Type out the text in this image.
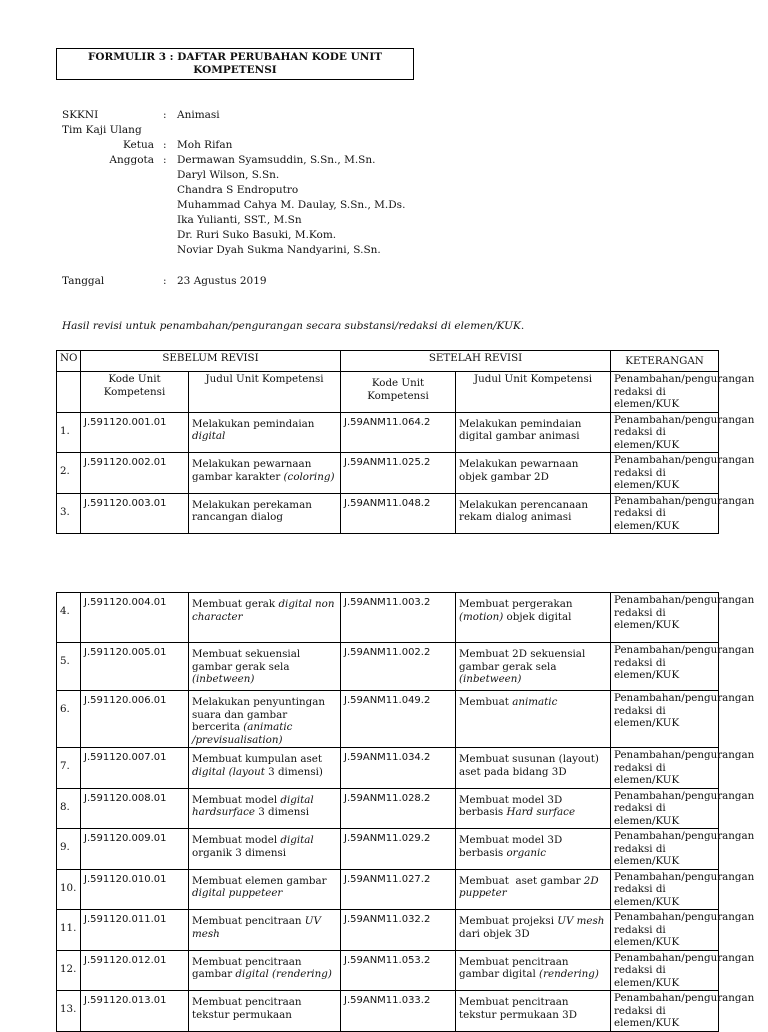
FORMULIR 3 : DAFTAR PERUBAHAN KODE UNIT
KOMPETENSI
SKKNI	: Animasi
Tim Kaji Ulang
Ketua : Moh Rifan
Anggota : Dermawan Syamsuddin, S.Sn., M.Sn.
Daryl Wilson, S.Sn.
Chandra S Endroputro
Muhammad Cahya M. Daulay, S.Sn., M.Ds.
Ika Yulianti, SST., M.Sn
Dr. Ruri Suko Basuki, M.Kom.
Noviar Dyah Sukma Nandyarini, S.Sn.
Tanggal	: 23 Agustus 2019
Hasil revisi untuk penambahan/pengurangan secara substansi/redaksi di elemen/KUK.
NO	SEBELUM REVISI		SETELAH REVISI		KETERANGAN
	Kode Unit Kompetensi	Judul Unit Kompetensi	Kode Unit Kompetensi	Judul Unit Kompetensi	Penambahan/pengurangan redaksi di elemen/KUK
1.	J.591120.001.01	Melakukan pemindaian digital	J.59ANM11.064.2	Melakukan pemindaian digital gambar animasi	Penambahan/pengurangan redaksi di elemen/KUK
2.	J.591120.002.01	Melakukan pewarnaan gambar karakter (coloring)	J.59ANM11.025.2	Melakukan pewarnaan objek gambar 2D	Penambahan/pengurangan redaksi di elemen/KUK
3.	J.591120.003.01	Melakukan perekaman rancangan dialog	J.59ANM11.048.2	Melakukan perencanaan rekam dialog animasi	Penambahan/pengurangan redaksi di elemen/KUK
4.	J.591120.004.01	Membuat gerak digital non character	J.59ANM11.003.2	Membuat pergerakan (motion) objek digital	Penambahan/pengurangan redaksi di elemen/KUK
5.	J.591120.005.01	Membuat sekuensial gambar gerak sela (inbetween)	J.59ANM11.002.2	Membuat 2D sekuensial gambar gerak sela (inbetween)	Penambahan/pengurangan redaksi di elemen/KUK
6.	J.591120.006.01	Melakukan penyuntingan suara dan gambar bercerita (animatic /previsualisation)	J.59ANM11.049.2	Membuat animatic	Penambahan/pengurangan redaksi di elemen/KUK
7.	J.591120.007.01	Membuat kumpulan aset digital (layout 3 dimensi)	J.59ANM11.034.2	Membuat susunan (layout) aset pada bidang 3D	Penambahan/pengurangan redaksi di elemen/KUK
8.	J.591120.008.01	Membuat model digital hardsurface 3 dimensi	J.59ANM11.028.2	Membuat model 3D berbasis Hard surface	Penambahan/pengurangan redaksi di elemen/KUK
9.	J.591120.009.01	Membuat model digital organik 3 dimensi	J.59ANM11.029.2	Membuat model 3D berbasis organic	Penambahan/pengurangan redaksi di elemen/KUK
10.	J.591120.010.01	Membuat elemen gambar digital puppeteer	J.59ANM11.027.2	Membuat  aset gambar 2D puppeter	Penambahan/pengurangan redaksi di elemen/KUK
11.	J.591120.011.01	Membuat pencitraan UV mesh	J.59ANM11.032.2	Membuat projeksi UV mesh dari objek 3D	Penambahan/pengurangan redaksi di elemen/KUK
12.	J.591120.012.01	Membuat pencitraan gambar digital (rendering)	J.59ANM11.053.2	Membuat pencitraan gambar digital (rendering)	Penambahan/pengurangan redaksi di elemen/KUK
13.	J.591120.013.01	Membuat pencitraan tekstur permukaan	J.59ANM11.033.2	Membuat pencitraan tekstur permukaan 3D	Penambahan/pengurangan redaksi di elemen/KUK
